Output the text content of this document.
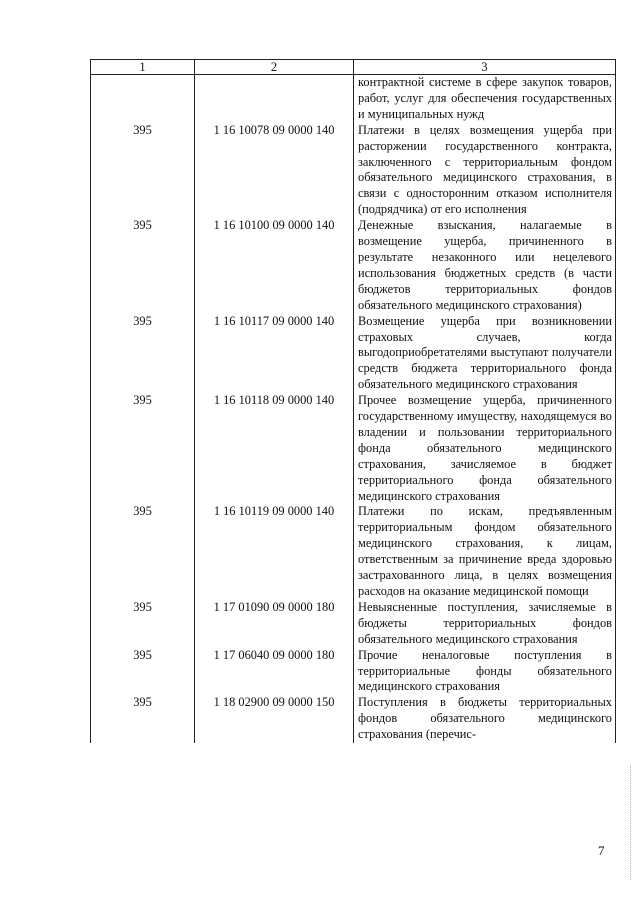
1	2	3
		контрактной системе в сфере закупок товаров, работ, услуг для обеспечения государственных и муниципальных нужд
395	1 16 10078 09 0000 140	Платежи в целях возмещения ущерба при расторжении государственного контракта, заключенного с территориальным фондом обязательного медицинского страхования, в связи с односторонним отказом исполнителя (подрядчика) от его исполнения
395	1 16 10100 09 0000 140	Денежные взыскания, налагаемые в возмещение ущерба, причиненного в результате незаконного или нецелевого использования бюджетных средств (в части бюджетов территориальных фондов обязательного медицинского страхования)
395	1 16 10117 09 0000 140	Возмещение ущерба при возникновении страховых случаев, когда выгодоприобретателями выступают получатели средств бюджета территориального фонда обязательного медицинского страхования
395	1 16 10118 09 0000 140	Прочее возмещение ущерба, причиненного государственному имуществу, находящемуся во владении и пользовании территориального фонда обязательного медицинского страхования, зачисляемое в бюджет территориального фонда обязательного медицинского страхования
395	1 16 10119 09 0000 140	Платежи по искам, предъявленным территориальным фондом обязательного медицинского страхования, к лицам, ответственным за причинение вреда здоровью застрахованного лица, в целях возмещения расходов на оказание медицинской помощи
395	1 17 01090 09 0000 180	Невыясненные поступления, зачисляемые в бюджеты территориальных фондов обязательного медицинского страхования
395	1 17 06040 09 0000 180	Прочие неналоговые поступления в территориальные фонды обязательного медицинского страхования
395	1 18 02900 09 0000 150	Поступления в бюджеты территориальных фондов обязательного медицинского страхования (перечис-
7
